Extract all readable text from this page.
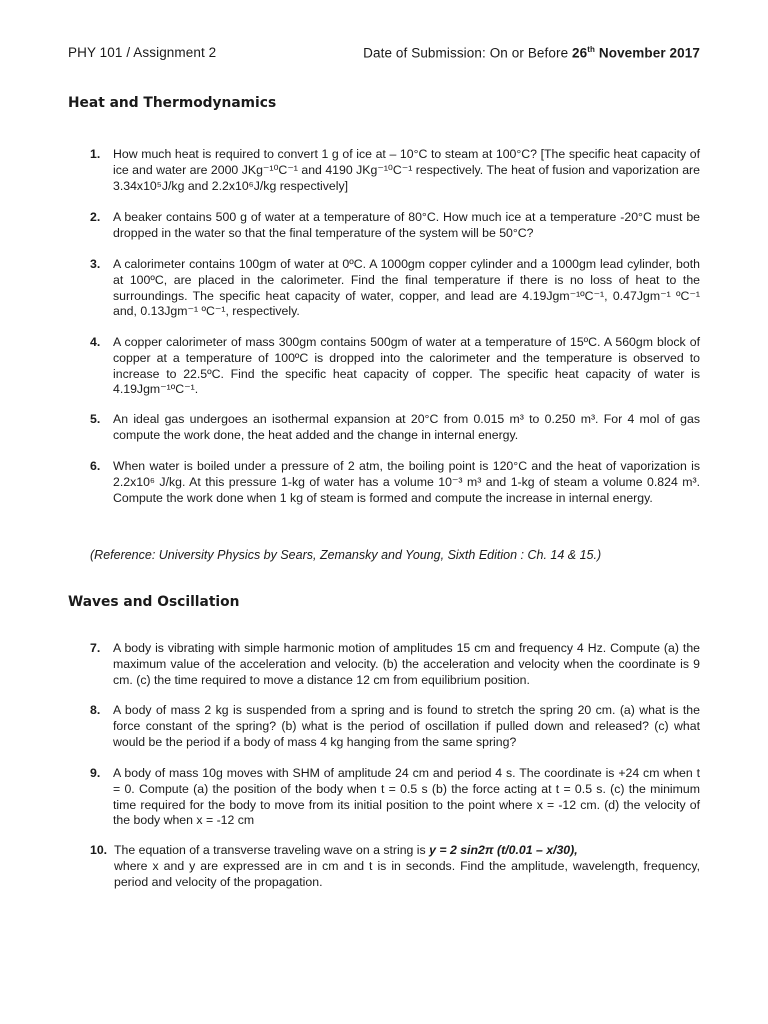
PHY 101 / Assignment 2	Date of Submission: On or Before 26th November 2017
Heat and Thermodynamics
1.	How much heat is required to convert 1 g of ice at – 10°C to steam at 100°C? [The specific heat capacity of ice and water are 2000 JKg⁻¹⁰C⁻¹ and 4190 JKg⁻¹⁰C⁻¹ respectively. The heat of fusion and vaporization are 3.34x10⁵J/kg and 2.2x10⁶J/kg respectively]
2.	A beaker contains 500 g of water at a temperature of 80°C. How much ice at a temperature -20°C must be dropped in the water so that the final temperature of the system will be 50°C?
3.	A calorimeter contains 100gm of water at 0ºC. A 1000gm copper cylinder and a 1000gm lead cylinder, both at 100ºC, are placed in the calorimeter. Find the final temperature if there is no loss of heat to the surroundings. The specific heat capacity of water, copper, and lead are 4.19Jgm⁻¹ºC⁻¹, 0.47Jgm⁻¹ ºC⁻¹ and, 0.13Jgm⁻¹ ºC⁻¹, respectively.
4.	A copper calorimeter of mass 300gm contains 500gm of water at a temperature of 15ºC. A 560gm block of copper at a temperature of 100ºC is dropped into the calorimeter and the temperature is observed to increase to 22.5ºC. Find the specific heat capacity of copper. The specific heat capacity of water is 4.19Jgm⁻¹ºC⁻¹.
5.	An ideal gas undergoes an isothermal expansion at 20°C from 0.015 m³ to 0.250 m³. For 4 mol of gas compute the work done, the heat added and the change in internal energy.
6.	When water is boiled under a pressure of 2 atm, the boiling point is 120°C and the heat of vaporization is 2.2x10⁶ J/kg. At this pressure 1-kg of water has a volume 10⁻³ m³ and 1-kg of steam a volume 0.824 m³. Compute the work done when 1 kg of steam is formed and compute the increase in internal energy.
(Reference: University Physics by Sears, Zemansky and Young, Sixth Edition : Ch. 14 & 15.)
Waves and Oscillation
7.	A body is vibrating with simple harmonic motion of amplitudes 15 cm and frequency 4 Hz. Compute (a) the maximum value of the acceleration and velocity. (b) the acceleration and velocity when the coordinate is 9 cm. (c) the time required to move a distance 12 cm from equilibrium position.
8.	A body of mass 2 kg is suspended from a spring and is found to stretch the spring 20 cm. (a) what is the force constant of the spring? (b) what is the period of oscillation if pulled down and released? (c) what would be the period if a body of mass 4 kg hanging from the same spring?
9.	A body of mass 10g moves with SHM of amplitude 24 cm and period 4 s. The coordinate is +24 cm when t = 0. Compute (a) the position of the body when t = 0.5 s (b) the force acting at t = 0.5 s. (c) the minimum time required for the body to move from its initial position to the point where x = -12 cm. (d) the velocity of the body when x = -12 cm
10. The equation of a transverse traveling wave on a string is y = 2 sin2π (t/0.01 – x/30),
where x and y are expressed are in cm and t is in seconds. Find the amplitude, wavelength, frequency, period and velocity of the propagation.
